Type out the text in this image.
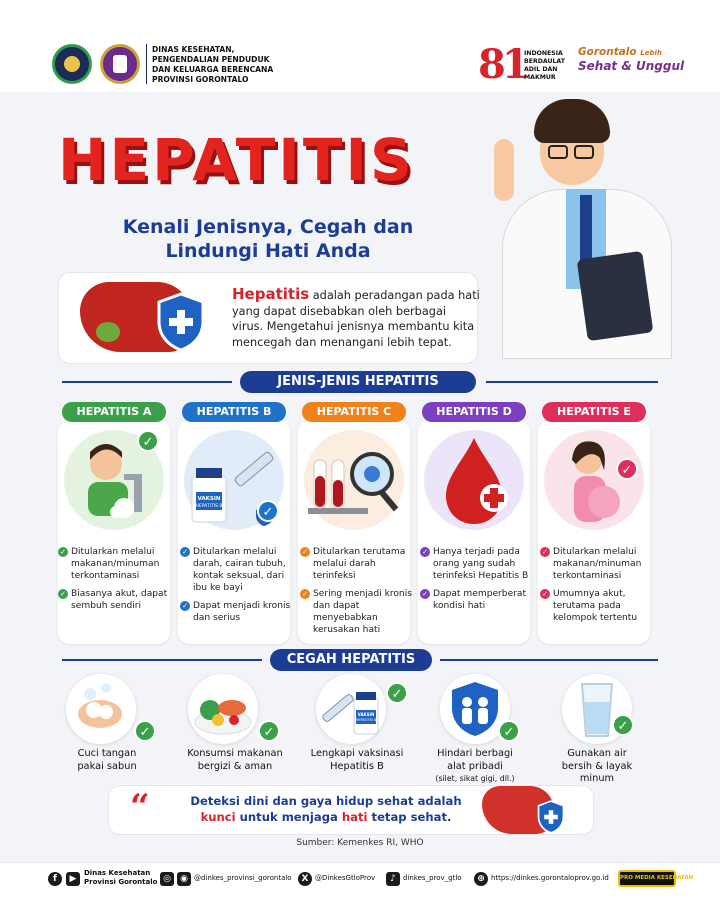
DINAS KESEHATAN,
PENGENDALIAN PENDUDUK
DAN KELUARGA BERENCANA
PROVINSI GORONTALO	81
INDONESIA
BERDAULAT
ADIL DAN
MAKMUR
Gorontalo Lebih
Sehat & Unggul
HEPATITIS
Kenali Jenisnya, Cegah dan
Lindungi Hati Anda
Hepatitis adalah peradangan pada hati yang dapat disebabkan oleh berbagai virus. Mengetahui jenisnya membantu kita mencegah dan menangani lebih tepat.
JENIS-JENIS HEPATITIS
HEPATITIS A
✓
✓ Ditularkan melalui makanan/minuman terkontaminasi
✓ Biasanya akut, dapat sembuh sendiri
HEPATITIS B
VAKSIN
HEPATITIS B	✓
✓ Ditularkan melalui darah, cairan tubuh, kontak seksual, dari ibu ke bayi
✓ Dapat menjadi kronis dan serius
HEPATITIS C
✓ Ditularkan terutama melalui darah terinfeksi
✓ Sering menjadi kronis dan dapat menyebabkan kerusakan hati
HEPATITIS D
✓ Hanya terjadi pada orang yang sudah terinfeksi Hepatitis B
✓ Dapat memperberat kondisi hati
HEPATITIS E
✓
✓ Ditularkan melalui makanan/minuman terkontaminasi
✓ Umumnya akut, terutama pada kelompok tertentu
CEGAH HEPATITIS
✓
Cuci tangan
pakai sabun
✓
Konsumsi makanan
bergizi & aman
VAKSIN
HEPATITIS B
✓
Lengkapi vaksinasi
Hepatitis B
✓
Hindari berbagi
alat pribadi
(silet, sikat gigi, dll.)
✓
Gunakan air
bersih & layak
minum
“	Deteksi dini dan gaya hidup sehat adalah
kunci untuk menjaga hati tetap sehat.
Sumber: Kemenkes RI, WHO
f	▶
Dinas Kesehatan
Provinsi Gorontalo ◎	◉ @dinkes_provinsi_gorontalo	X @DinkesGtloProv	♪	dinkes_prov_gtlo	⊕ https://dinkes.gorontaloprov.go.id	PRO MEDIA KESEHATAN
